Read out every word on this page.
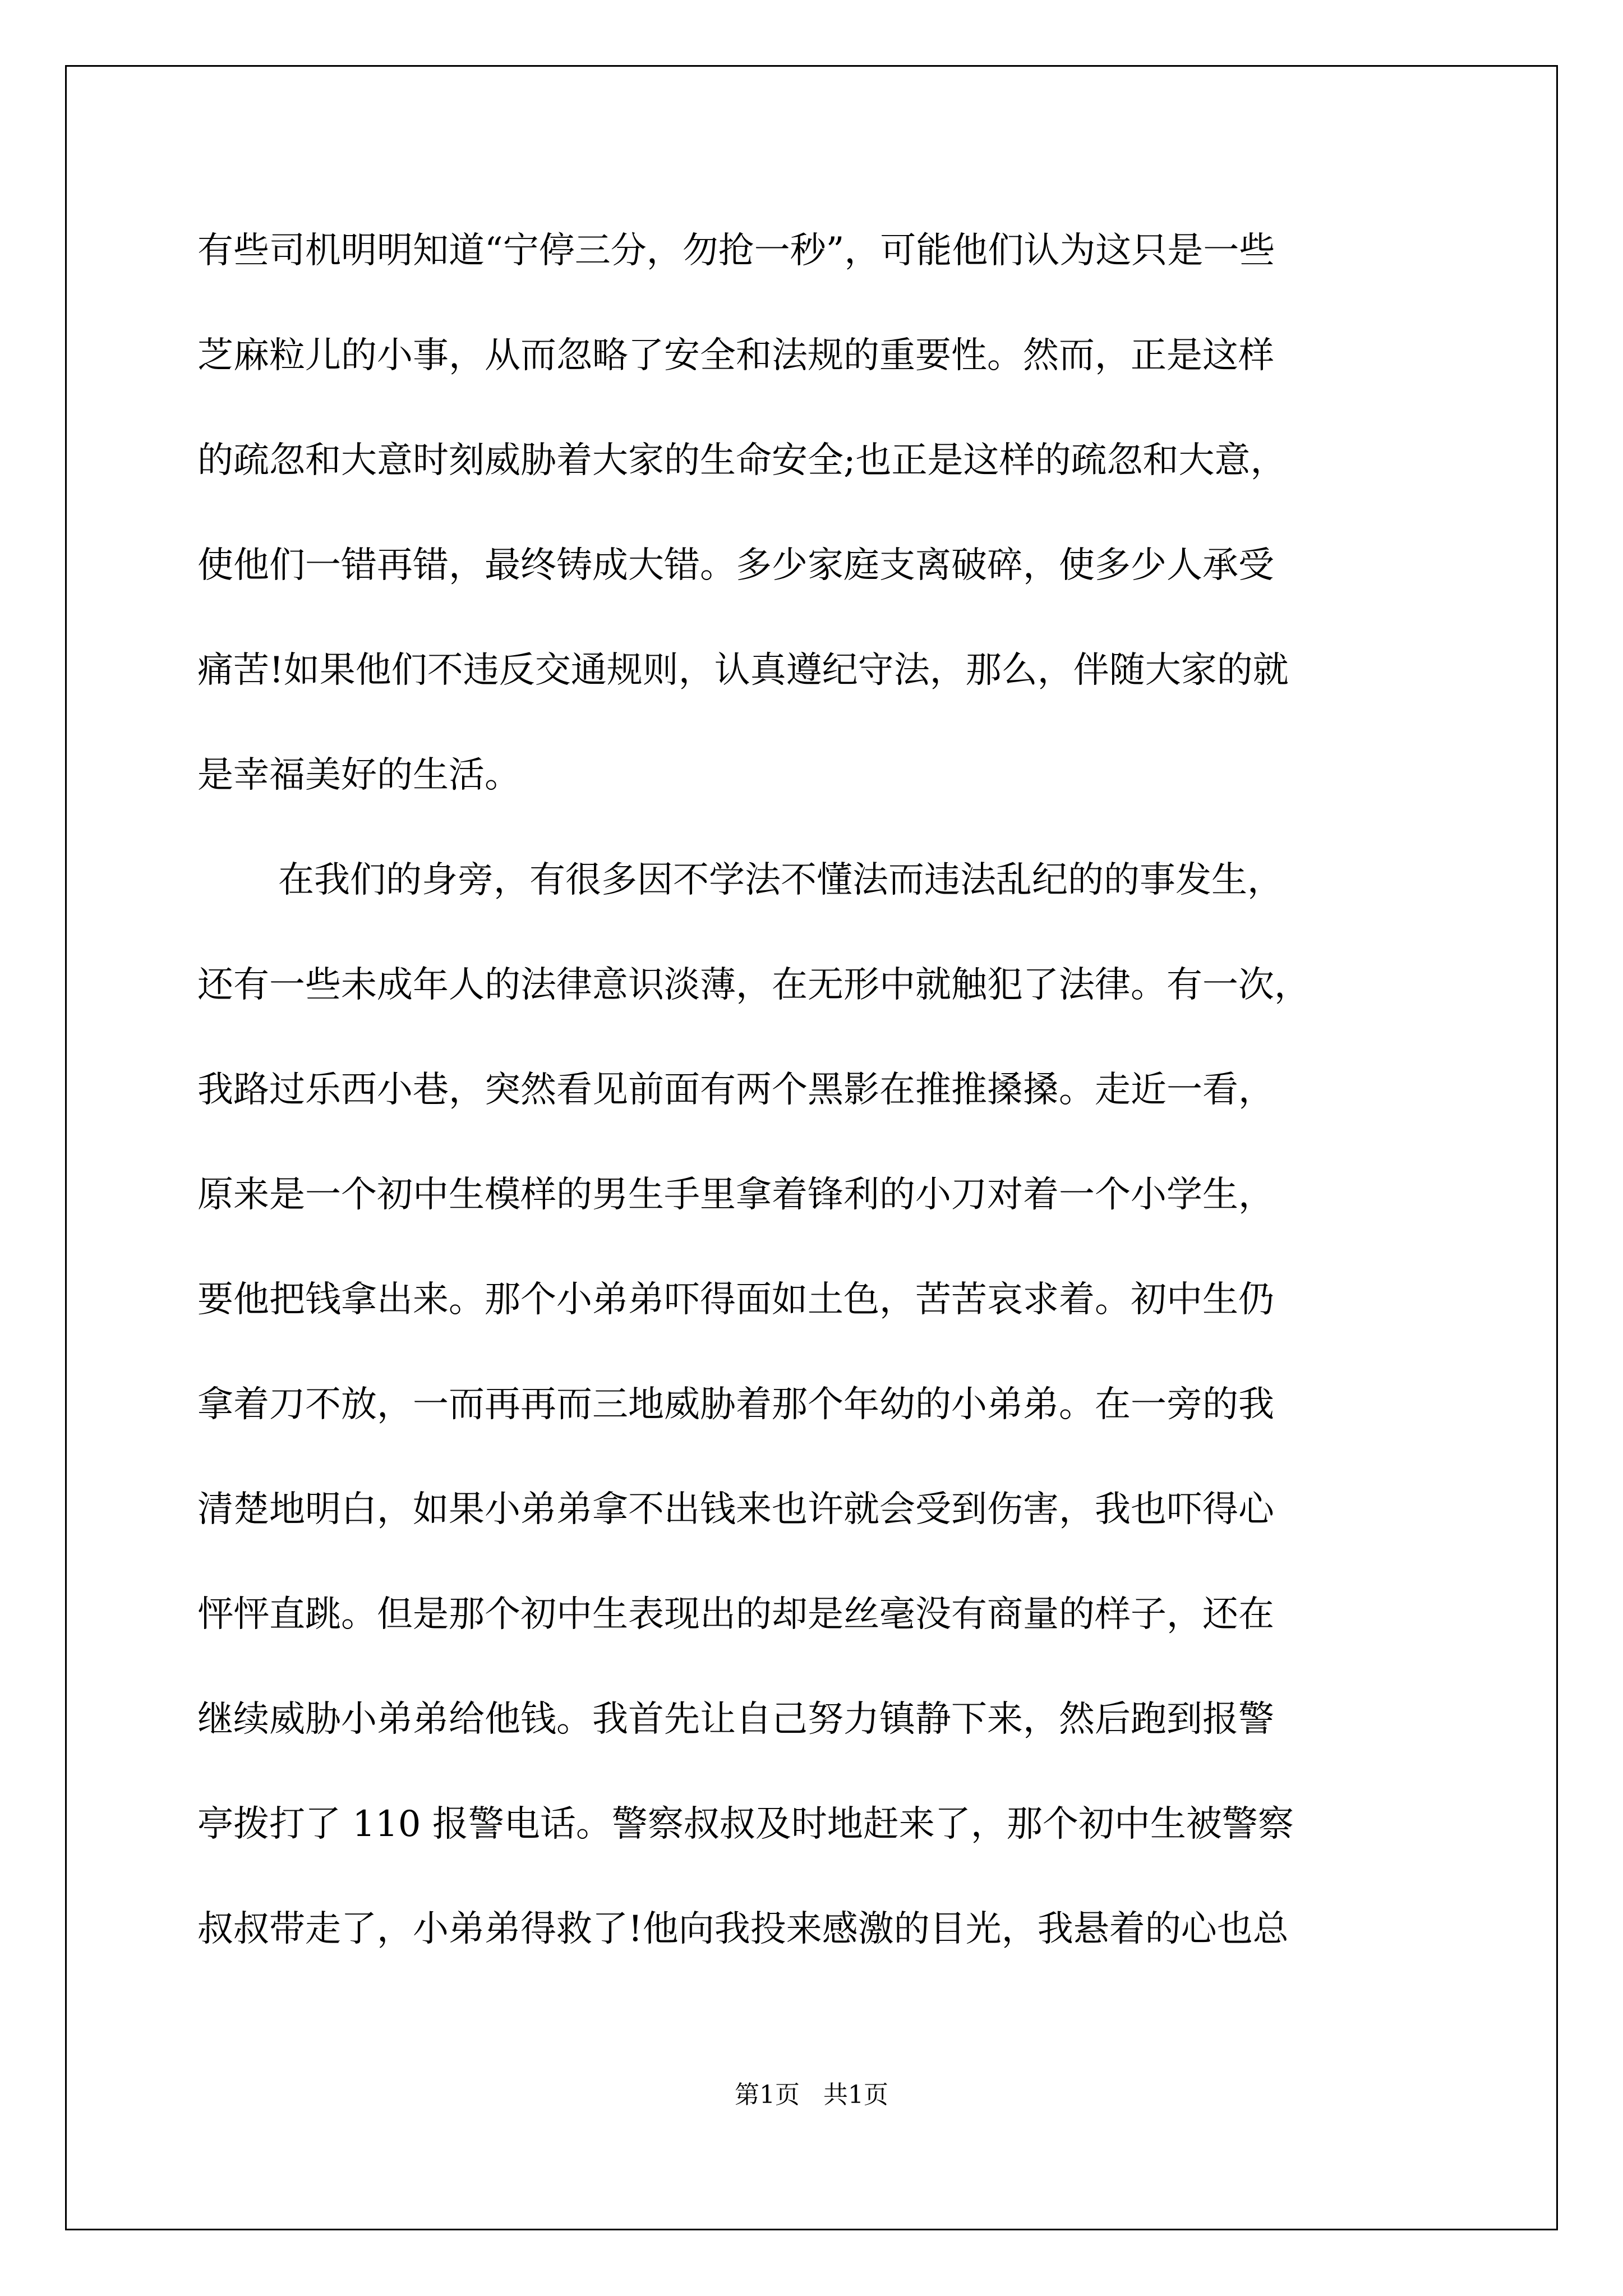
有些司机明明知道“宁停三分，勿抢一秒”，可能他们认为这只是一些
芝麻粒儿的小事，从而忽略了安全和法规的重要性。然而，正是这样
的疏忽和大意时刻威胁着大家的生命安全;也正是这样的疏忽和大意，
使他们一错再错，最终铸成大错。多少家庭支离破碎，使多少人承受
痛苦!如果他们不违反交通规则，认真遵纪守法，那么，伴随大家的就
是幸福美好的生活。
在我们的身旁，有很多因不学法不懂法而违法乱纪的的事发生，
还有一些未成年人的法律意识淡薄，在无形中就触犯了法律。有一次，
我路过乐西小巷，突然看见前面有两个黑影在推推搡搡。走近一看，
原来是一个初中生模样的男生手里拿着锋利的小刀对着一个小学生，
要他把钱拿出来。那个小弟弟吓得面如土色，苦苦哀求着。初中生仍
拿着刀不放，一而再再而三地威胁着那个年幼的小弟弟。在一旁的我
清楚地明白，如果小弟弟拿不出钱来也许就会受到伤害，我也吓得心
怦怦直跳。但是那个初中生表现出的却是丝毫没有商量的样子，还在
继续威胁小弟弟给他钱。我首先让自己努力镇静下来，然后跑到报警
亭拨打了 110 报警电话。警察叔叔及时地赶来了，那个初中生被警察
叔叔带走了，小弟弟得救了!他向我投来感激的目光，我悬着的心也总
第1页   共1页
